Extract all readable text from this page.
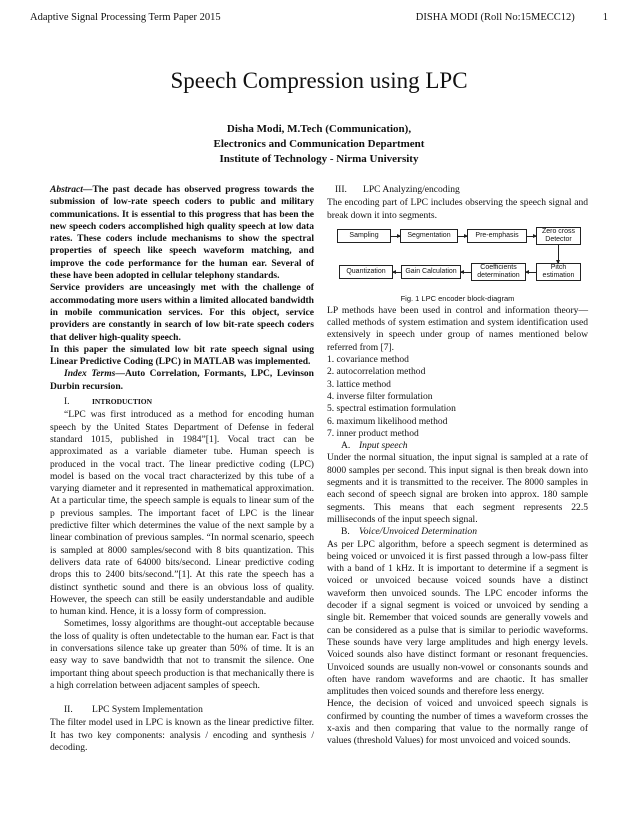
Adaptive Signal Processing Term Paper 2015	DISHA MODI (Roll No:15MECC12)	1
Speech Compression using LPC
Disha Modi, M.Tech (Communication),
Electronics and Communication Department
Institute of Technology - Nirma University

Abstract—The past decade has observed progress towards the submission of low-rate speech coders to public and military communications. It is essential to this progress that has been the new speech coders accomplished high quality speech at low data rates. These coders include mechanisms to show the spectral properties of speech like speech waveform matching, and improve the code performance for the human ear. Several of these have been adopted in cellular telephony standards.

Service providers are unceasingly met with the challenge of accommodating more users within a limited allocated bandwidth in mobile communication services. For this object, service providers are constantly in search of low bit-rate speech coders that deliver high-quality speech.

In this paper the simulated low bit rate speech signal using Linear Predictive Coding (LPC) in MATLAB was implemented.

Index Terms—Auto Correlation, Formants, LPC, Levinson Durbin recursion.

I.	INTRODUCTION

“LPC was first introduced as a method for encoding human speech by the United States Department of Defense in federal standard 1015, published in 1984”[1]. Vocal tract can be approximated as a variable diameter tube. Human speech is produced in the vocal tract. The linear predictive coding (LPC) model is based on the vocal tract characterized by this tube of a varying diameter and it represented in mathematical approximation. At a particular time, the speech sample is equals to linear sum of the p previous samples. The important facet of LPC is the linear predictive filter which determines the value of the next sample by a linear combination of previous samples. “In normal scenario, speech is sampled at 8000 samples/second with 8 bits quantization. This delivers data rate of 64000 bits/second. Linear predictive coding drops this to 2400 bits/second.”[1]. At this rate the speech has a distinct synthetic sound and there is an obvious loss of quality. However, the speech can still be easily understandable and audible to human kind. Hence, it is a lossy form of compression.

Sometimes, lossy algorithms are thought-out acceptable because the loss of quality is often undetectable to the human ear. Fact is that in conversations silence take up greater than 50% of time. It is an easy way to save bandwidth that not to transmit the silence. One important thing about speech production is that mechanically there is a high correlation between adjacent samples of speech.

II. LPC System Implementation

The filter model used in LPC is known as the linear predictive filter. It has two key components: analysis / encoding and synthesis / decoding.

III. LPC Analyzing/encoding

The encoding part of LPC includes observing the speech signal and break down it into segments.

Sampling	Segmentation	Pre-emphasis
Zero cross Detector
Pitch estimation
Coefficients determination
Gain Calculation
Quantization
Fig. 1 LPC encoder block-diagram

LP methods have been used in control and information theory—called methods of system estimation and system identification used extensively in speech under group of names mentioned below referred from [7].

1. covariance method
2. autocorrelation method
3. lattice method
4. inverse filter formulation
5. spectral estimation formulation
6. maximum likelihood method
7. inner product method
A. Input speech

Under the normal situation, the input signal is sampled at a rate of 8000 samples per second. This input signal is then break down into segments and it is transmitted to the receiver. The 8000 samples in each second of speech signal are broken into approx. 180 sample segments. This means that each segment represents 22.5 milliseconds of the input speech signal.

B. Voice/Unvoiced Determination

As per LPC algorithm, before a speech segment is determined as being voiced or unvoiced it is first passed through a low-pass filter with a band of 1 kHz. It is important to determine if a segment is voiced or unvoiced because voiced sounds have a distinct waveform then unvoiced sounds. The LPC encoder informs the decoder if a signal segment is voiced or unvoiced by sending a single bit. Remember that voiced sounds are generally vowels and can be considered as a pulse that is similar to periodic waveforms. These sounds have very large amplitudes and high energy levels. Voiced sounds also have distinct formant or resonant frequencies. Unvoiced sounds are usually non-vowel or consonants sounds and often have random waveforms and are chaotic. It has smaller amplitudes then voiced sounds and therefore less energy.

Hence, the decision of voiced and unvoiced speech signals is confirmed by counting the number of times a waveform crosses the x-axis and then comparing that value to the normally range of values (threshold Values) for most unvoiced and voiced sounds.
